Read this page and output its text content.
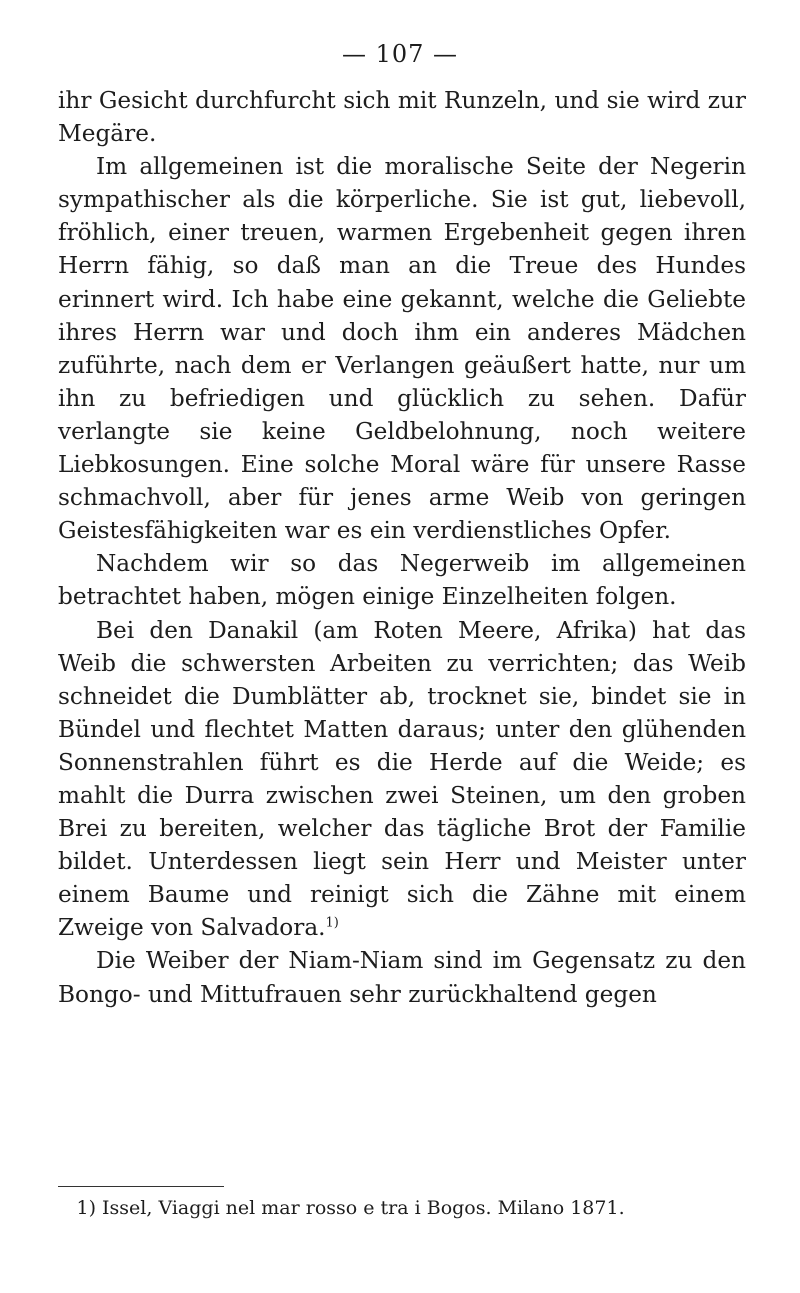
— 107 —

ihr Gesicht durchfurcht sich mit Runzeln, und sie wird zur Megäre.

Im allgemeinen ist die moralische Seite der Negerin sympathischer als die körperliche. Sie ist gut, liebevoll, fröhlich, einer treuen, warmen Ergebenheit gegen ihren Herrn fähig, so daß man an die Treue des Hundes erinnert wird. Ich habe eine gekannt, welche die Geliebte ihres Herrn war und doch ihm ein anderes Mädchen zuführte, nach dem er Verlangen geäußert hatte, nur um ihn zu befriedigen und glücklich zu sehen. Dafür verlangte sie keine Geldbelohnung, noch weitere Liebkosungen. Eine solche Moral wäre für unsere Rasse schmachvoll, aber für jenes arme Weib von geringen Geistesfähigkeiten war es ein verdienstliches Opfer.

Nachdem wir so das Negerweib im allgemeinen betrachtet haben, mögen einige Einzelheiten folgen.

Bei den Danakil (am Roten Meere, Afrika) hat das Weib die schwersten Arbeiten zu verrichten; das Weib schneidet die Dumblätter ab, trocknet sie, bindet sie in Bündel und flechtet Matten daraus; unter den glühenden Sonnenstrahlen führt es die Herde auf die Weide; es mahlt die Durra zwischen zwei Steinen, um den groben Brei zu bereiten, welcher das tägliche Brot der Familie bildet. Unterdessen liegt sein Herr und Meister unter einem Baume und reinigt sich die Zähne mit einem Zweige von Salvadora.$^{1)}$

Die Weiber der Niam-Niam sind im Gegensatz zu den Bongo- und Mittufrauen sehr zurückhaltend gegen

1) Issel, Viaggi nel mar rosso e tra i Bogos. Milano 1871.
